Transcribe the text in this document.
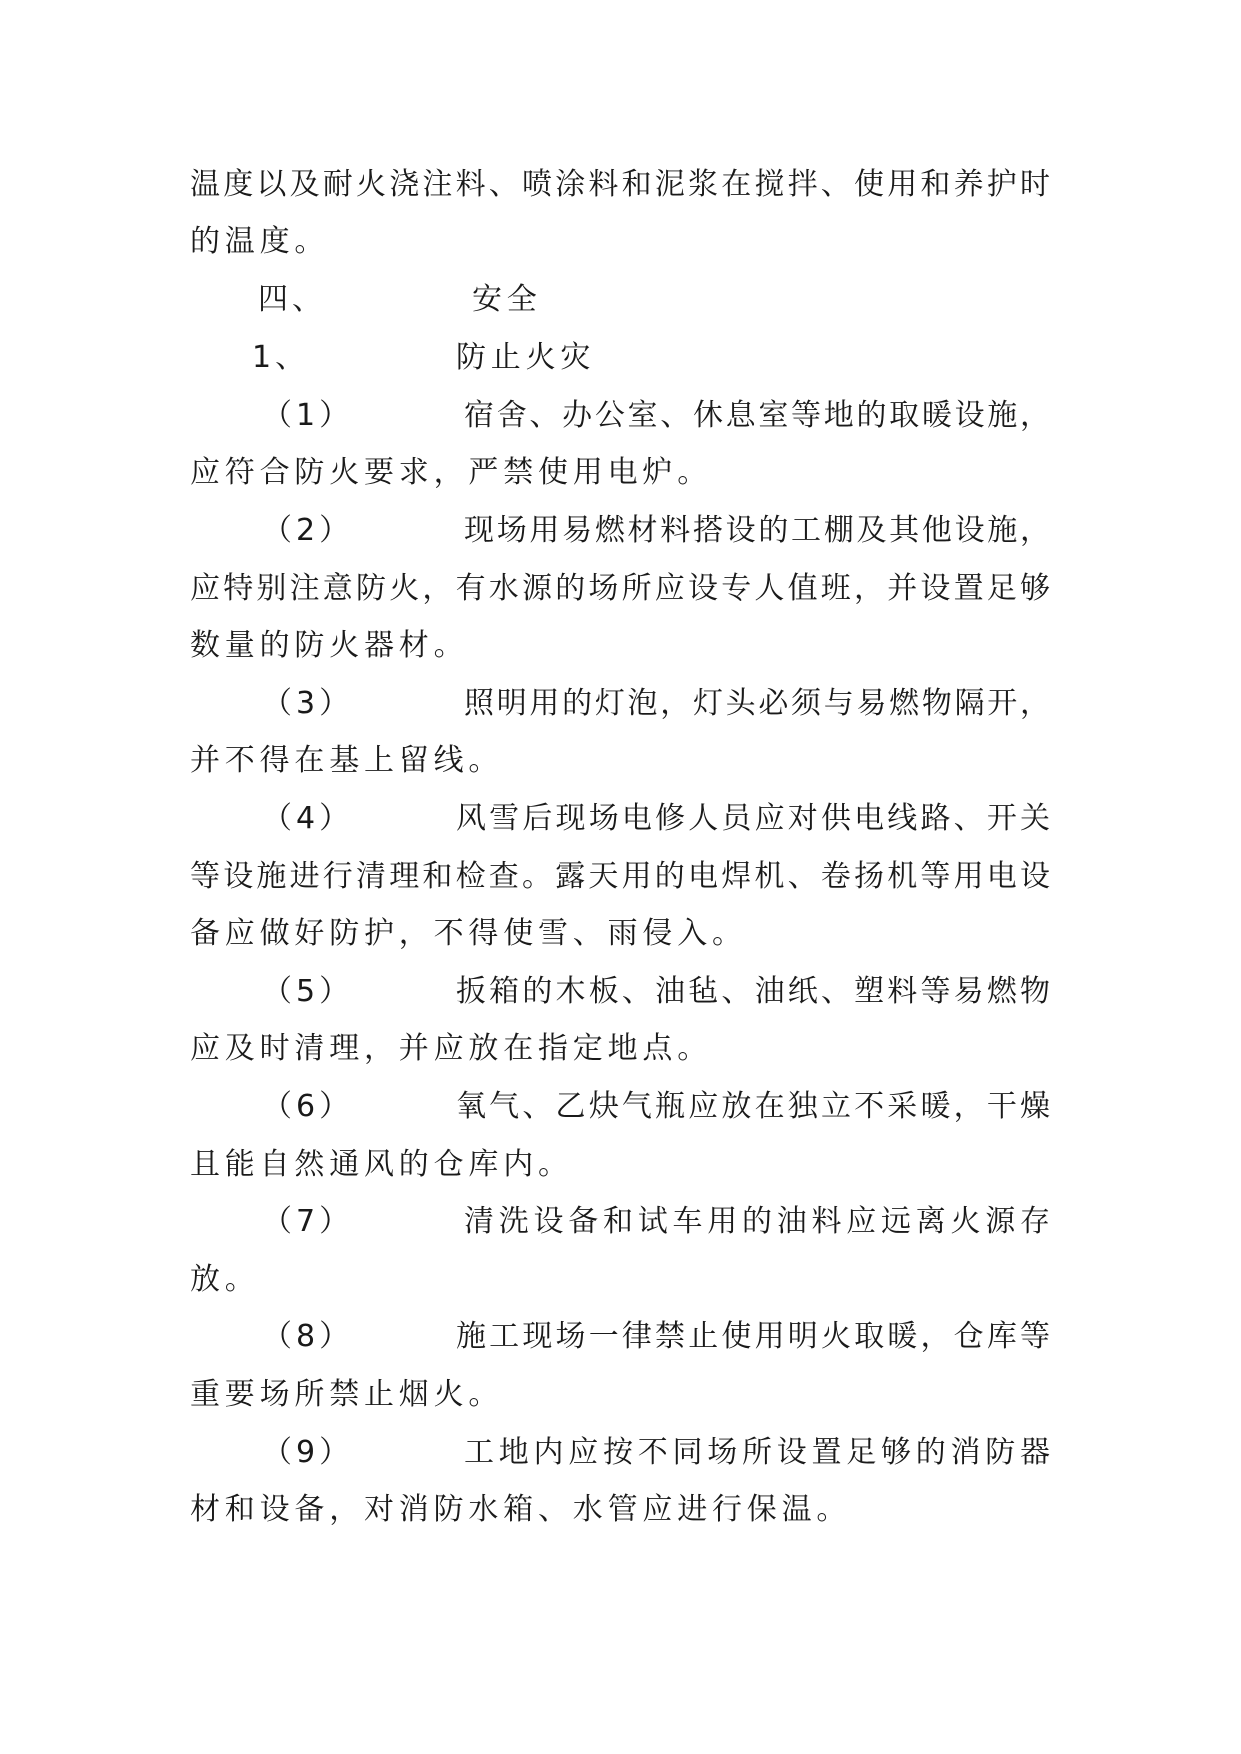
温度以及耐火浇注料、喷涂料和泥浆在搅拌、使用和养护时
的温度。
四、	安全
1、	防止火灾
（1）	宿舍、办公室、休息室等地的取暖设施，
应符合防火要求，严禁使用电炉。
（2）	现场用易燃材料搭设的工棚及其他设施，
应特别注意防火，有水源的场所应设专人值班，并设置足够
数量的防火器材。
（3）	照明用的灯泡，灯头必须与易燃物隔开，
并不得在基上留线。
（4）	风雪后现场电修人员应对供电线路、开关
等设施进行清理和检查。露天用的电焊机、卷扬机等用电设
备应做好防护，不得使雪、雨侵入。
（5）	扳箱的木板、油毡、油纸、塑料等易燃物
应及时清理，并应放在指定地点。
（6）	氧气、乙炔气瓶应放在独立不采暖，干燥
且能自然通风的仓库内。
（7）	清洗设备和试车用的油料应远离火源存
放。
（8）	施工现场一律禁止使用明火取暖，仓库等
重要场所禁止烟火。
（9）	工地内应按不同场所设置足够的消防器
材和设备，对消防水箱、水管应进行保温。
